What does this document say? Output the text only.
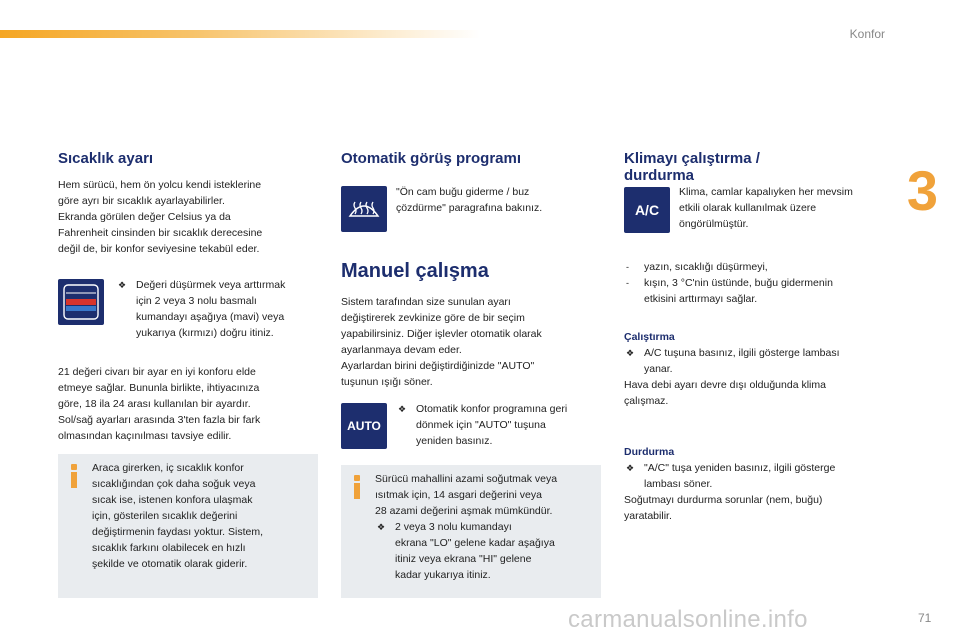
Konfor
3
Sıcaklık ayarı

Hem sürücü, hem ön yolcu kendi isteklerine

göre ayrı bir sıcaklık ayarlayabilirler.

Ekranda görülen değer Celsius ya da

Fahrenheit cinsinden bir sıcaklık derecesine

değil de, bir konfor seviyesine tekabül eder.

❖ Değeri düşürmek veya arttırmak

için 2 veya 3 nolu basmalı

kumandayı aşağıya (mavi) veya

yukarıya (kırmızı) doğru itiniz.

21 değeri civarı bir ayar en iyi konforu elde

etmeye sağlar. Bununla birlikte, ihtiyacınıza

göre, 18 ila 24 arası kullanılan bir ayardır.

Sol/sağ ayarları arasında 3'ten fazla bir fark

olmasından kaçınılması tavsiye edilir.

Araca girerken, iç sıcaklık konfor

sıcaklığından çok daha soğuk veya

sıcak ise, istenen konfora ulaşmak

için, gösterilen sıcaklık değerini

değiştirmenin faydası yoktur. Sistem,

sıcaklık farkını olabilecek en hızlı

şekilde ve otomatik olarak giderir.

Otomatik görüş programı

"Ön cam buğu giderme / buz

çözdürme" paragrafına bakınız.

Manuel çalışma

Sistem tarafından size sunulan ayarı

değiştirerek zevkinize göre de bir seçim

yapabilirsiniz. Diğer işlevler otomatik olarak

ayarlanmaya devam eder.

Ayarlardan birini değiştirdiğinizde "AUTO"

tuşunun ışığı söner.

AUTO
❖ Otomatik konfor programına geri

dönmek için "AUTO" tuşuna

yeniden basınız.

Sürücü mahallini azami soğutmak veya

ısıtmak için, 14 asgari değerini veya

28 azami değerini aşmak mümkündür.

❖ 2 veya 3 nolu kumandayı

ekrana "LO" gelene kadar aşağıya

itiniz veya ekrana "HI" gelene

kadar yukarıya itiniz.

Klimayı çalıştırma /
durdurma
A/C

Klima, camlar kapalıyken her mevsim

etkili olarak kullanılmak üzere

öngörülmüştür.

- yazın, sıcaklığı düşürmeyi,

- kışın, 3 °C'nin üstünde, buğu gidermenin

etkisini arttırmayı sağlar.

Çalıştırma

❖ A/C tuşuna basınız, ilgili gösterge lambası

yanar.

Hava debi ayarı devre dışı olduğunda klima

çalışmaz.

Durdurma

❖ "A/C" tuşa yeniden basınız, ilgili gösterge

lambası söner.

Soğutmayı durdurma sorunlar (nem, buğu)

yaratabilir.

carmanualsonline.info	71
